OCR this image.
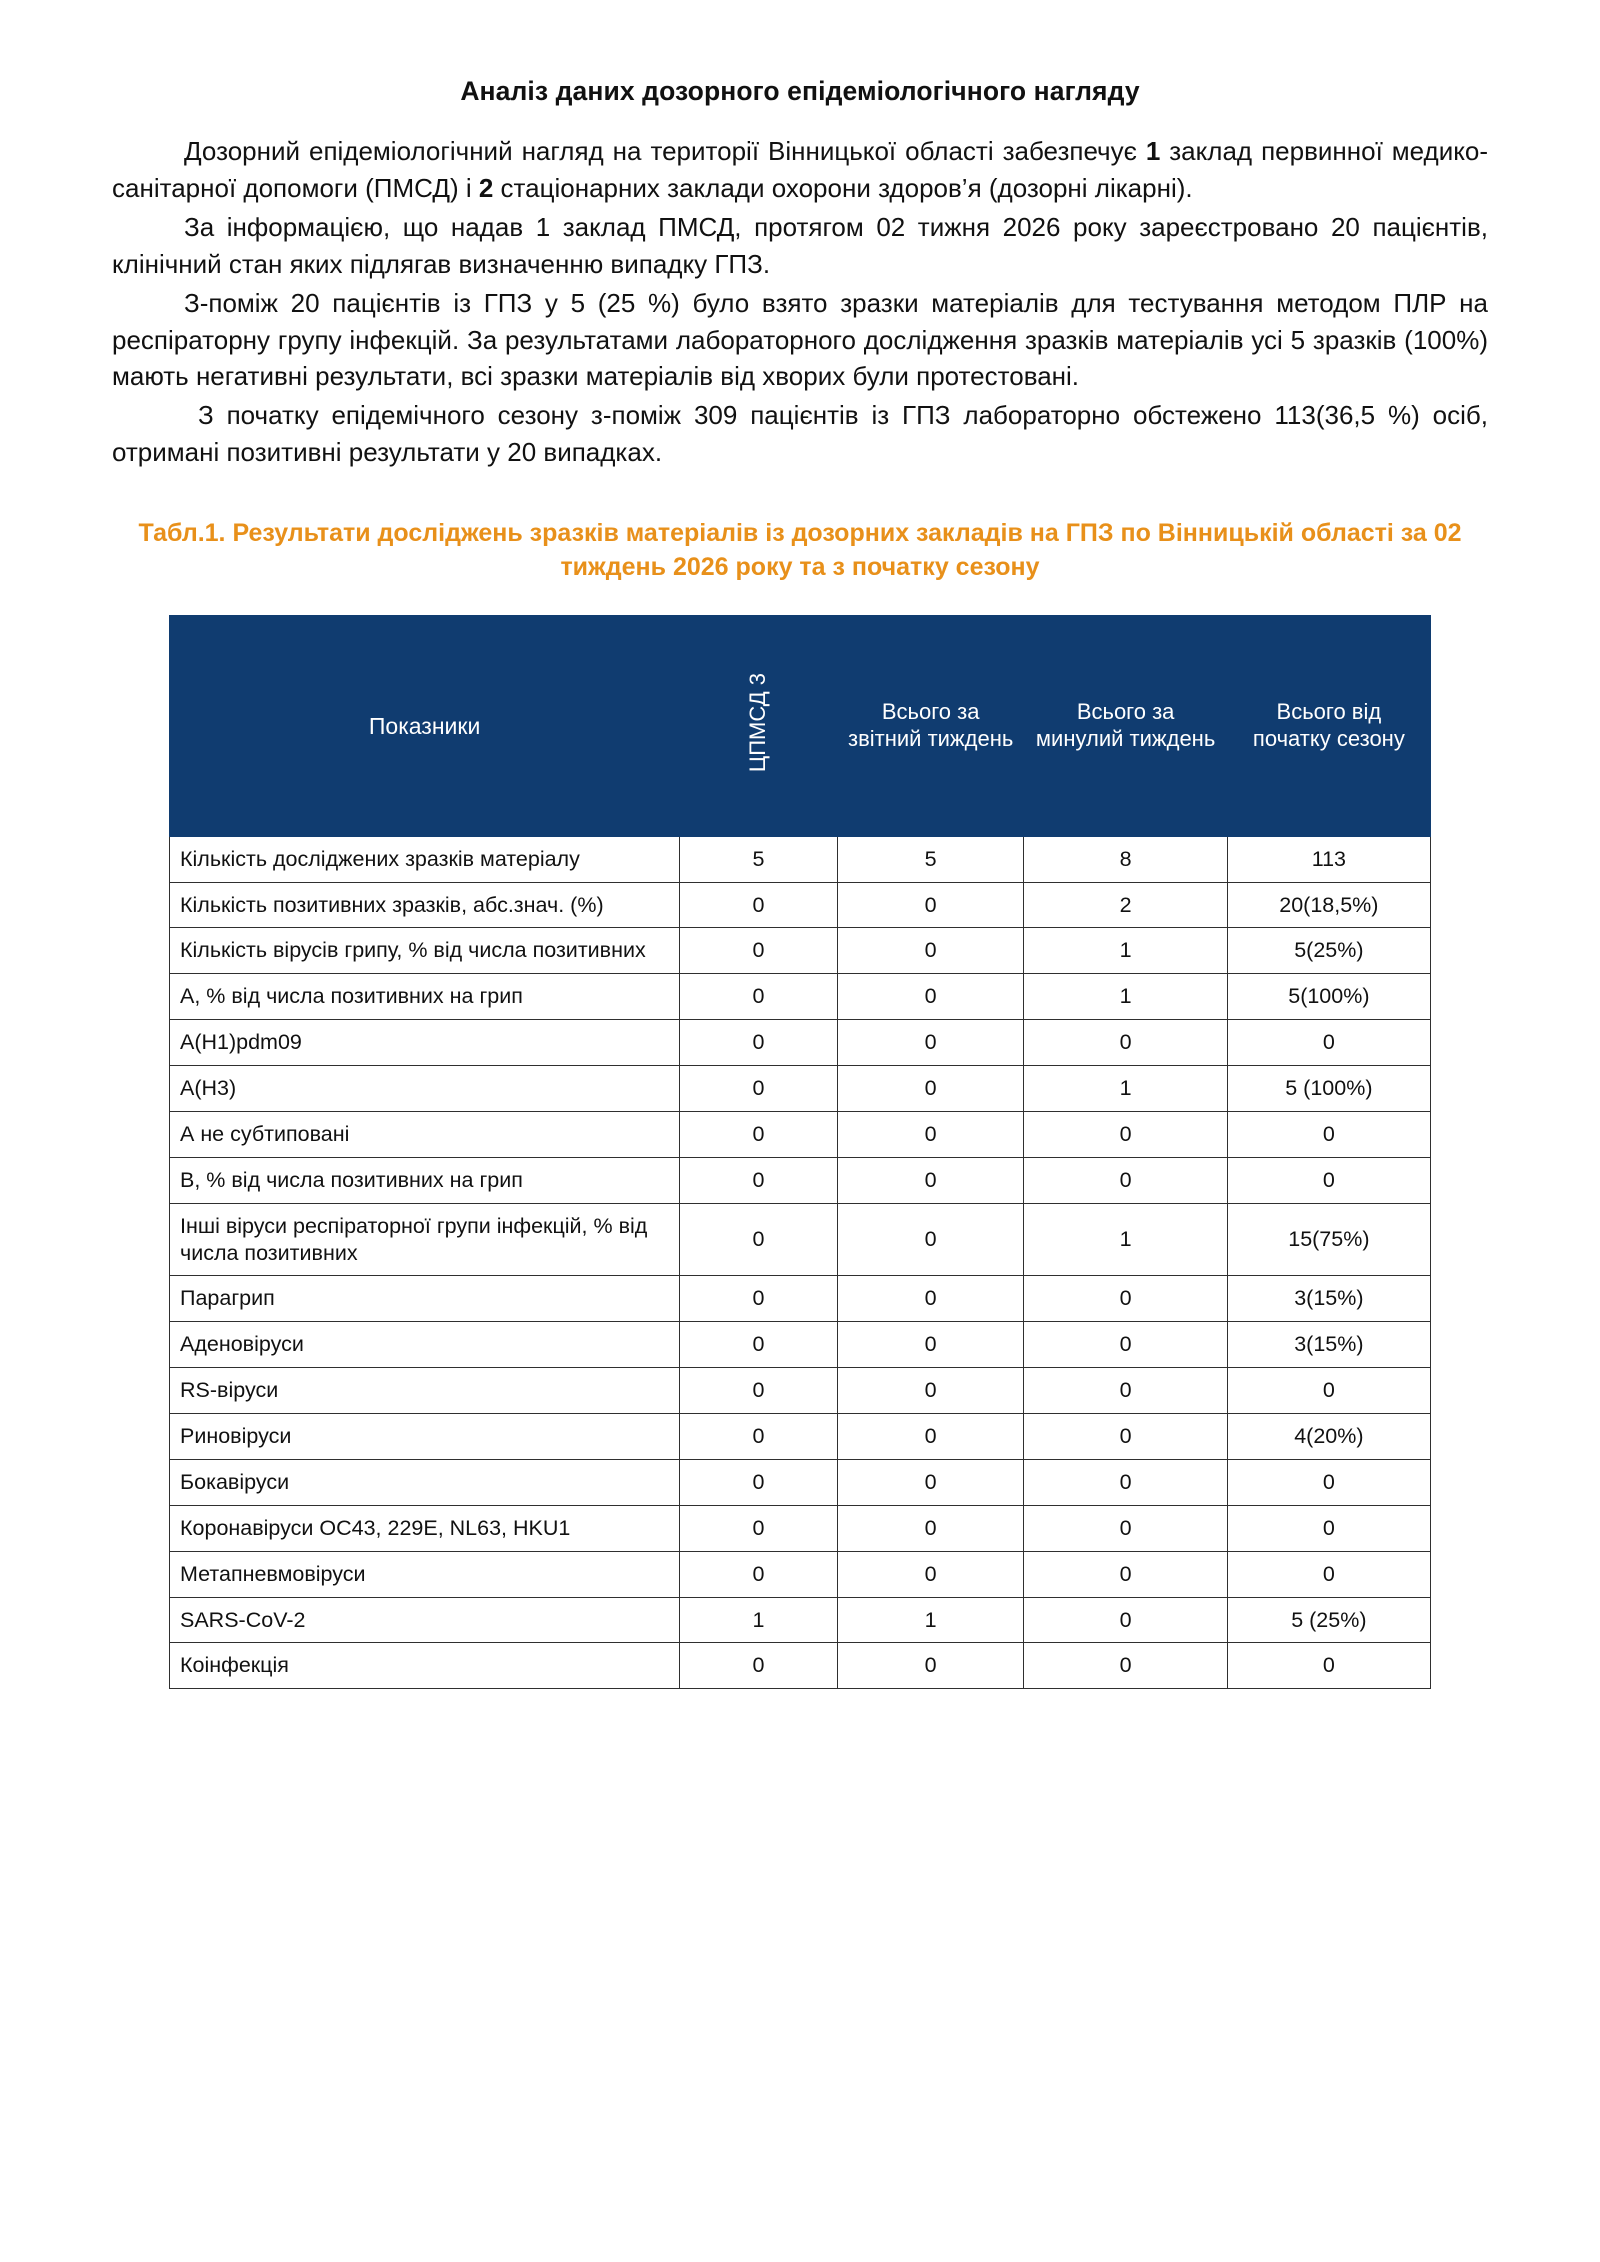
Аналіз даних дозорного епідеміологічного нагляду

Дозорний епідеміологічний нагляд на території Вінницької області забезпечує 1 заклад первинної медико-санітарної допомоги (ПМСД) і 2 стаціонарних заклади охорони здоров’я (дозорні лікарні).

За інформацією, що надав 1 заклад ПМСД, протягом 02 тижня 2026 року зареєстровано 20 пацієнтів, клінічний стан яких підлягав визначенню випадку ГПЗ.

З-поміж 20 пацієнтів із ГПЗ у 5 (25 %) було взято зразки матеріалів для тестування методом ПЛР на респіраторну групу інфекцій. За результатами лабораторного дослідження зразків матеріалів усі 5 зразків (100%) мають негативні результати, всі зразки матеріалів від хворих були протестовані.

З початку епідемічного сезону з-поміж 309 пацієнтів із ГПЗ лабораторно обстежено 113(36,5 %) осіб, отримані позитивні результати у 20 випадках.

Табл.1. Результати досліджень зразків матеріалів із дозорних закладів на ГПЗ по Вінницькій області за 02 тиждень 2026 року та з початку сезону
Показники	ЦПМСД 3	Всього за звітний тиждень	Всього за минулий тиждень	Всього від початку сезону
Кількість досліджених зразків матеріалу	5	5	8	113
Кількість позитивних зразків, абс.знач. (%)	0	0	2	20(18,5%)
Кількість вірусів грипу, % від числа позитивних	0	0	1	5(25%)
А, % від числа позитивних на грип	0	0	1	5(100%)
A(H1)pdm09	0	0	0	0
A(H3)	0	0	1	5 (100%)
А не субтиповані	0	0	0	0
В, % від числа позитивних на грип	0	0	0	0
Інші віруси респіраторної групи інфекцій, % від числа позитивних	0	0	1	15(75%)
Парагрип	0	0	0	3(15%)
Аденовіруси	0	0	0	3(15%)
RS-віруси	0	0	0	0
Риновіруси	0	0	0	4(20%)
Бокавіруси	0	0	0	0
Коронавіруси ОС43, 229Е, NL63, HKU1	0	0	0	0
Метапневмовіруси	0	0	0	0
SARS-CoV-2	1	1	0	5 (25%)
Коінфекція	0	0	0	0
